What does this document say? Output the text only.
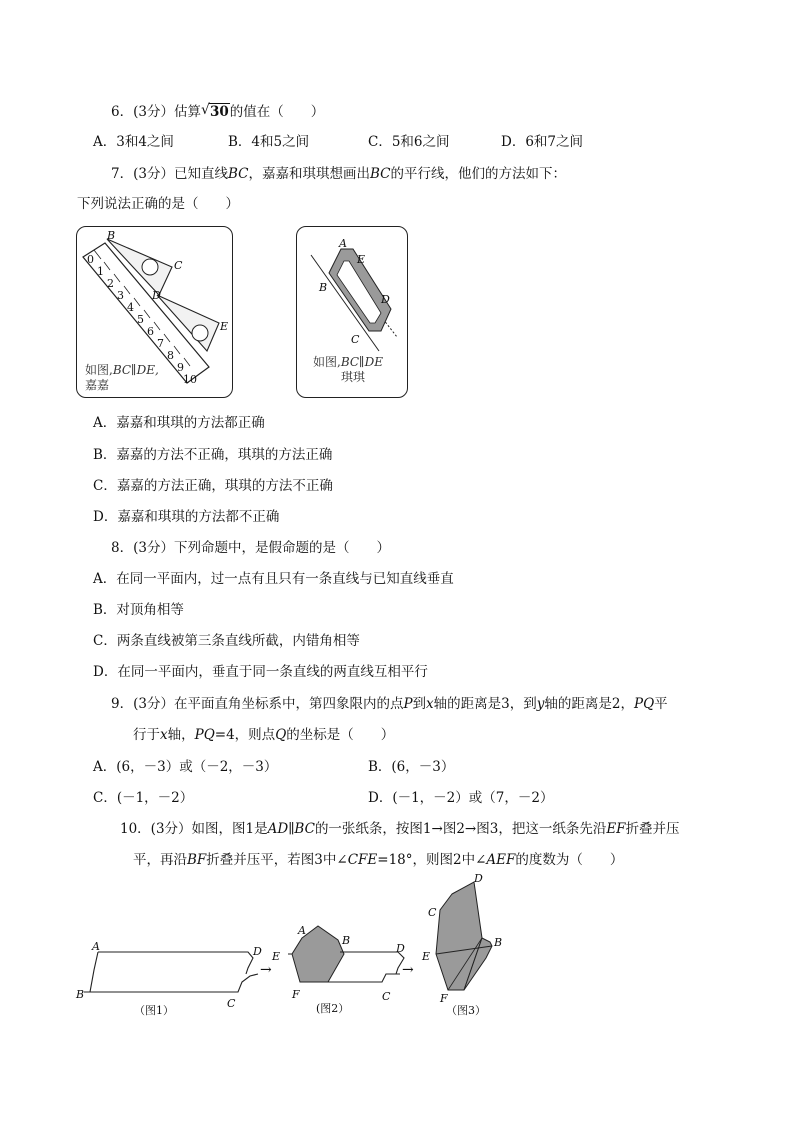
6．(3分）估算 √ 30的值在（　　）
A．3和4之间	B．4和5之间	C．5和6之间	D．6和7之间
7．(3分）已知直线BC，嘉嘉和琪琪想画出BC的平行线，他们的方法如下：
下列说法正确的是（　　）
0
1
2
3
4
5
6
7
8
9
10
B
C
D
E
如图,BC∥DE,
嘉嘉
A
E
B
D
C
如图,BC∥DE
琪琪
A．嘉嘉和琪琪的方法都正确
B．嘉嘉的方法不正确，琪琪的方法正确
C．嘉嘉的方法正确，琪琪的方法不正确
D．嘉嘉和琪琪的方法都不正确
8．(3分）下列命题中，是假命题的是（　　）
A．在同一平面内，过一点有且只有一条直线与已知直线垂直
B．对顶角相等
C．两条直线被第三条直线所截，内错角相等
D．在同一平面内，垂直于同一条直线的两直线互相平行
9．(3分）在平面直角坐标系中，第四象限内的点P到x轴的距离是3，到y轴的距离是2，PQ平
行于x轴，PQ=4，则点Q的坐标是（　　）
A．(6，－3）或（－2，－3）	B．(6，－3）
C．(－1，－2）	D．(－1，－2）或（7，－2）
10．(3分）如图，图1是AD∥BC的一张纸条，按图1→图2→图3，把这一纸条先沿EF折叠并压
平，再沿BF折叠并压平，若图3中∠CFE=18°，则图2中∠AEF的度数为（　　）
A
B
C
D
（图1）
→
A
B
C
D
E
F
(图2）
→
D
C
B
E
F
（图3）
